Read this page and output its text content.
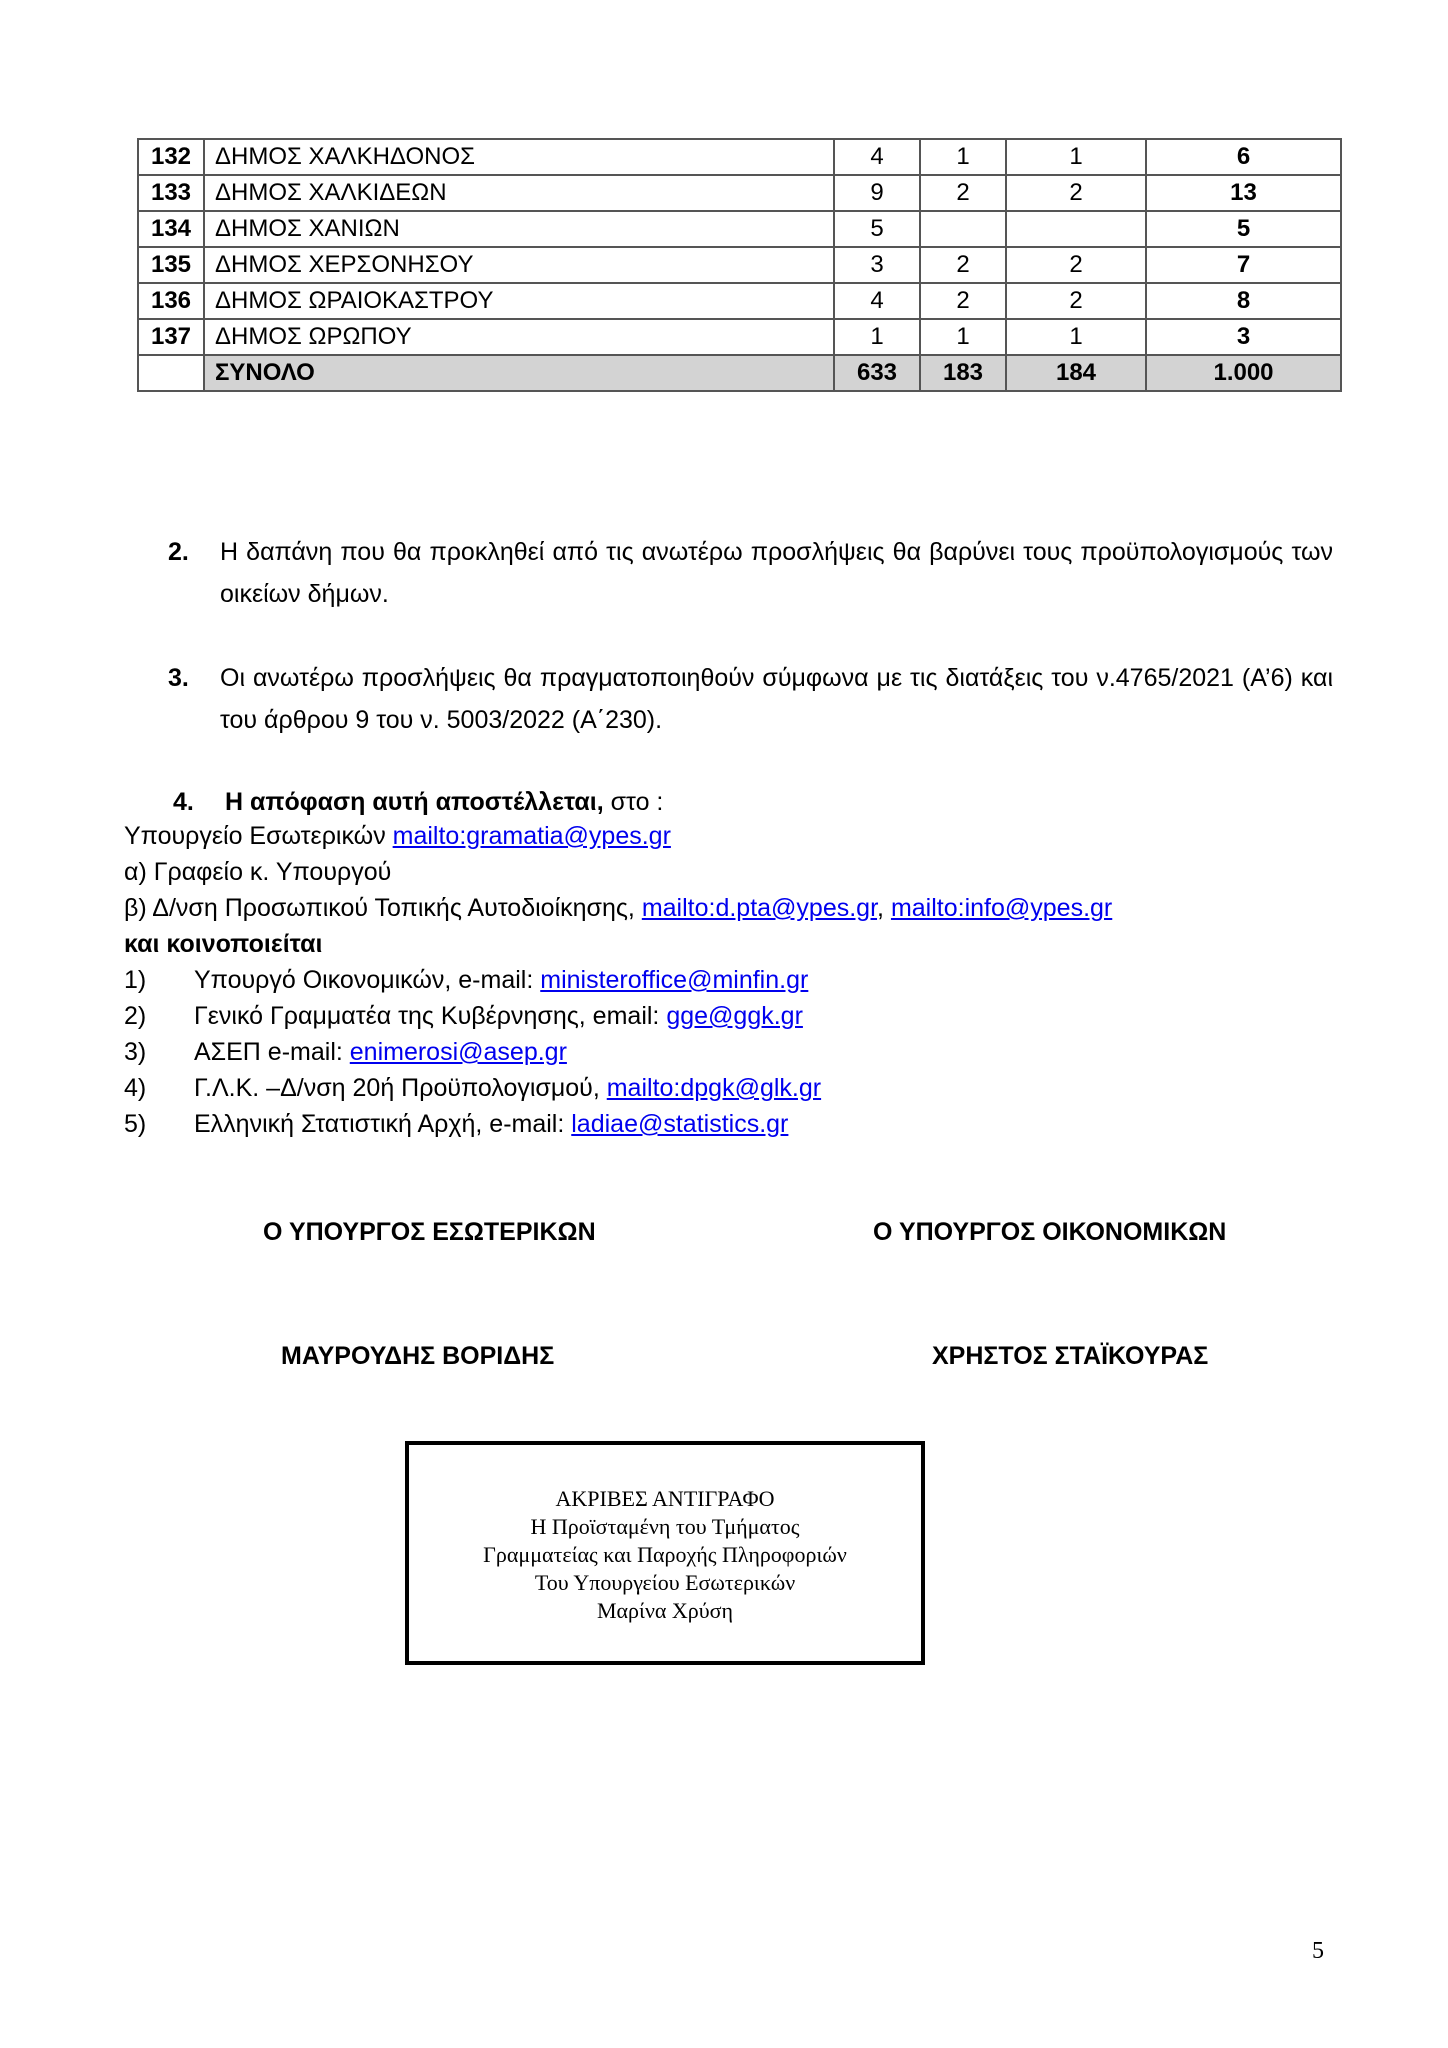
132	ΔΗΜΟΣ ΧΑΛΚΗΔΟΝΟΣ	4	1	1	6
133	ΔΗΜΟΣ ΧΑΛΚΙΔΕΩΝ	9	2	2	13
134	ΔΗΜΟΣ ΧΑΝΙΩΝ	5			5
135	ΔΗΜΟΣ ΧΕΡΣΟΝΗΣΟΥ	3	2	2	7
136	ΔΗΜΟΣ ΩΡΑΙΟΚΑΣΤΡΟΥ	4	2	2	8
137	ΔΗΜΟΣ ΩΡΩΠΟΥ	1	1	1	3
	ΣΥΝΟΛΟ	633	183	184	1.000
2.	Η δαπάνη που θα προκληθεί από τις ανωτέρω προσλήψεις θα βαρύνει τους προϋπολογισμούς των οικείων δήμων.
3.	Οι ανωτέρω προσλήψεις θα πραγματοποιηθούν σύμφωνα με τις διατάξεις του ν.4765/2021 (Α’6) και του άρθρου 9 του ν. 5003/2022 (Α΄230).
4. Η απόφαση αυτή αποστέλλεται, στο :
Υπουργείο Εσωτερικών mailto:gramatia@ypes.gr
α) Γραφείο κ. Υπουργού
β) Δ/νση Προσωπικού Τοπικής Αυτοδιοίκησης, mailto:d.pta@ypes.gr, mailto:info@ypes.gr
και κοινοποιείται
1) Υπουργό Οικονομικών, e-mail: ministeroffice@minfin.gr
2) Γενικό Γραμματέα της Κυβέρνησης, email: gge@ggk.gr
3) ΑΣΕΠ e-mail: enimerosi@asep.gr
4) Γ.Λ.Κ. –Δ/νση 20ή Προϋπολογισμού, mailto:dpgk@glk.gr
5) Ελληνική Στατιστική Αρχή, e-mail: ladiae@statistics.gr
Ο ΥΠΟΥΡΓΟΣ ΕΣΩΤΕΡΙΚΩΝ	Ο ΥΠΟΥΡΓΟΣ ΟΙΚΟΝΟΜΙΚΩΝ
ΜΑΥΡΟΥΔΗΣ ΒΟΡΙΔΗΣ	ΧΡΗΣΤΟΣ ΣΤΑΪΚΟΥΡΑΣ
ΑΚΡΙΒΕΣ ΑΝΤΙΓΡΑΦΟ
Η Προϊσταμένη του Τμήματος
Γραμματείας και Παροχής Πληροφοριών
Του Υπουργείου Εσωτερικών
Μαρίνα Χρύση
5
